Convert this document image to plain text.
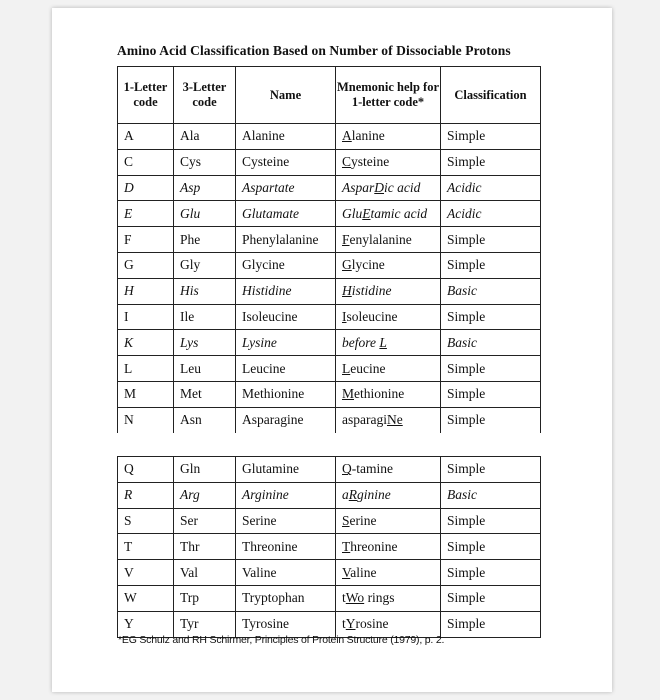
Amino Acid Classification Based on Number of Dissociable Protons
1-Letter code	3-Letter code	Name	Mnemonic help for 1-letter code*	Classification
A	Ala	Alanine	Alanine	Simple
C	Cys	Cysteine	Cysteine	Simple
D	Asp	Aspartate	AsparDic acid	Acidic
E	Glu	Glutamate	GluEtamic acid	Acidic
F	Phe	Phenylalanine	Fenylalanine	Simple
G	Gly	Glycine	Glycine	Simple
H	His	Histidine	Histidine	Basic
I	Ile	Isoleucine	Isoleucine	Simple
K	Lys	Lysine	before L	Basic
L	Leu	Leucine	Leucine	Simple
M	Met	Methionine	Methionine	Simple
N	Asn	Asparagine	asparagiNe	Simple
Q	Gln	Glutamine	Q-tamine	Simple
R	Arg	Arginine	aRginine	Basic
S	Ser	Serine	Serine	Simple
T	Thr	Threonine	Threonine	Simple
V	Val	Valine	Valine	Simple
W	Trp	Tryptophan	tWo rings	Simple
Y	Tyr	Tyrosine	tYrosine	Simple
*EG Schulz and RH Schirmer, Principles of Protein Structure (1979), p. 2.
